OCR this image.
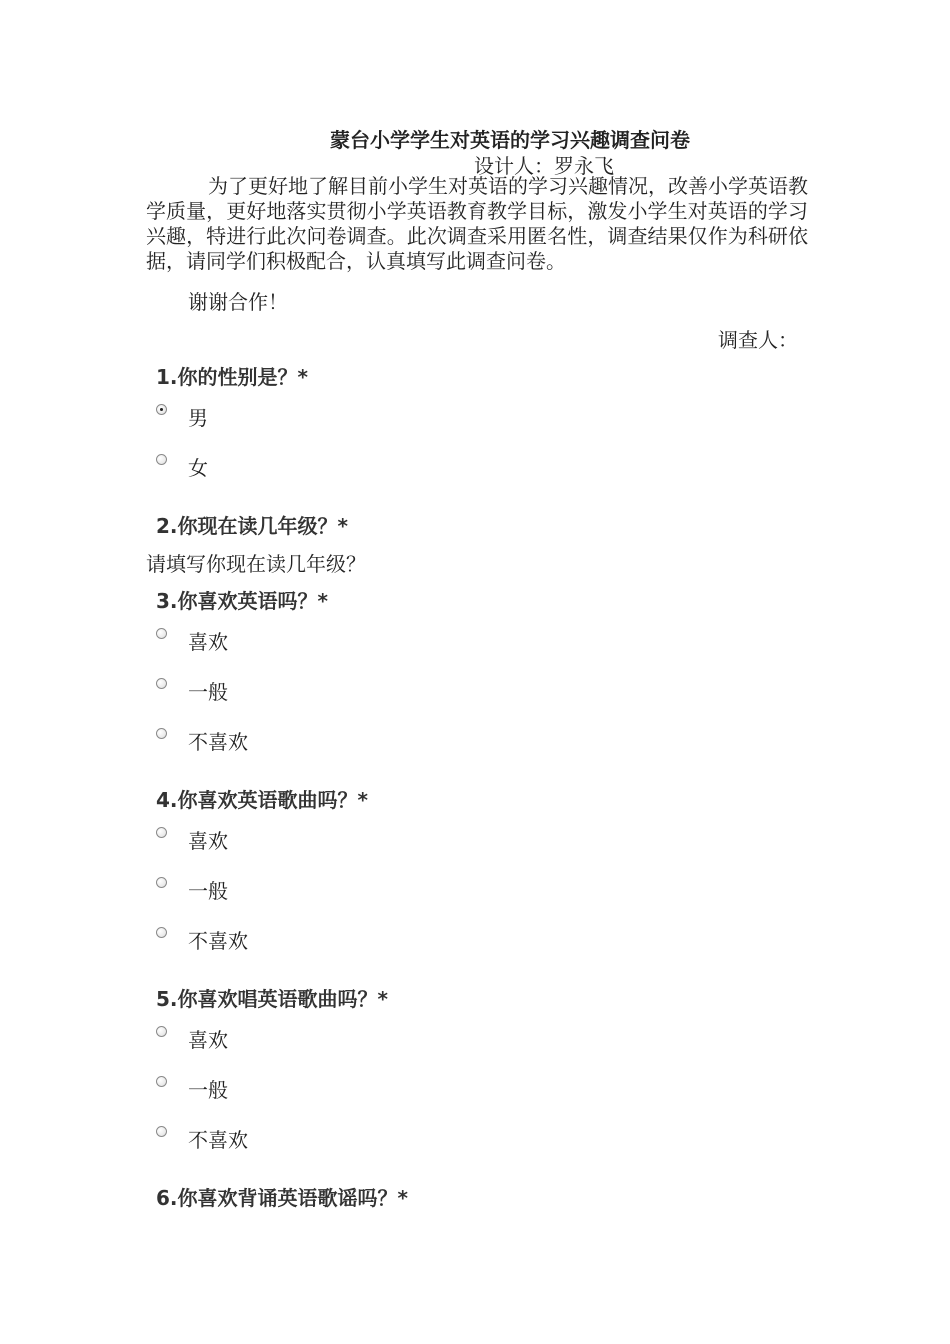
蒙台小学学生对英语的学习兴趣调查问卷
设计人：罗永飞
为了更好地了解目前小学生对英语的学习兴趣情况，改善小学英语教学质量，更好地落实贯彻小学英语教育教学目标，激发小学生对英语的学习兴趣，特进行此次问卷调查。此次调查采用匿名性，调查结果仅作为科研依据，请同学们积极配合，认真填写此调查问卷。
谢谢合作！
调查人：
1.你的性别是？*
男
女
2.你现在读几年级？*
请填写你现在读几年级？
3.你喜欢英语吗？*
喜欢
一般
不喜欢
4.你喜欢英语歌曲吗？*
喜欢
一般
不喜欢
5.你喜欢唱英语歌曲吗？*
喜欢
一般
不喜欢
6.你喜欢背诵英语歌谣吗？*
